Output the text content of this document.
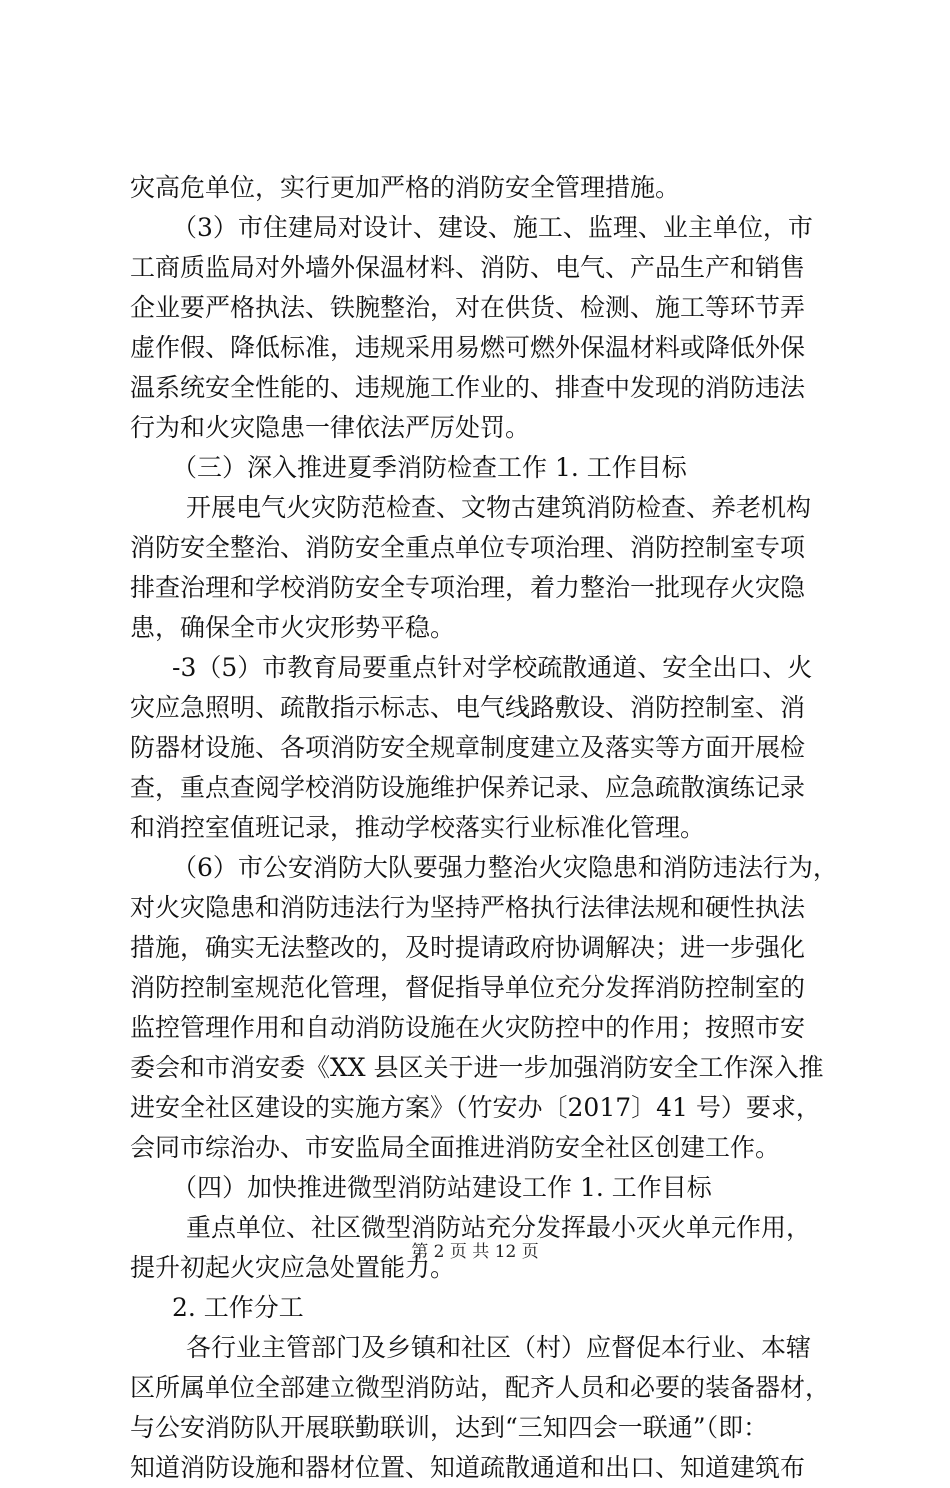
灾高危单位，实行更加严格的消防安全管理措施。
（3）市住建局对设计、建设、施工、监理、业主单位，市
工商质监局对外墙外保温材料、消防、电气、产品生产和销售
企业要严格执法、铁腕整治，对在供货、检测、施工等环节弄
虚作假、降低标准，违规采用易燃可燃外保温材料或降低外保
温系统安全性能的、违规施工作业的、排查中发现的消防违法
行为和火灾隐患一律依法严厉处罚。
（三）深入推进夏季消防检查工作 1. 工作目标
开展电气火灾防范检查、文物古建筑消防检查、养老机构
消防安全整治、消防安全重点单位专项治理、消防控制室专项
排查治理和学校消防安全专项治理，着力整治一批现存火灾隐
患，确保全市火灾形势平稳。
-3（5）市教育局要重点针对学校疏散通道、安全出口、火
灾应急照明、疏散指示标志、电气线路敷设、消防控制室、消
防器材设施、各项消防安全规章制度建立及落实等方面开展检
查，重点查阅学校消防设施维护保养记录、应急疏散演练记录
和消控室值班记录，推动学校落实行业标准化管理。
（6）市公安消防大队要强力整治火灾隐患和消防违法行为，
对火灾隐患和消防违法行为坚持严格执行法律法规和硬性执法
措施，确实无法整改的，及时提请政府协调解决；进一步强化
消防控制室规范化管理，督促指导单位充分发挥消防控制室的
监控管理作用和自动消防设施在火灾防控中的作用；按照市安
委会和市消安委《XX 县区关于进一步加强消防安全工作深入推
进安全社区建设的实施方案》（竹安办〔2017〕41 号）要求，
会同市综治办、市安监局全面推进消防安全社区创建工作。
（四）加快推进微型消防站建设工作 1. 工作目标
重点单位、社区微型消防站充分发挥最小灭火单元作用，
提升初起火灾应急处置能力。
2. 工作分工
各行业主管部门及乡镇和社区（村）应督促本行业、本辖
区所属单位全部建立微型消防站，配齐人员和必要的装备器材，
与公安消防队开展联勤联训，达到“三知四会一联通”（即：
知道消防设施和器材位置、知道疏散通道和出口、知道建筑布
第 2 页 共 12 页
